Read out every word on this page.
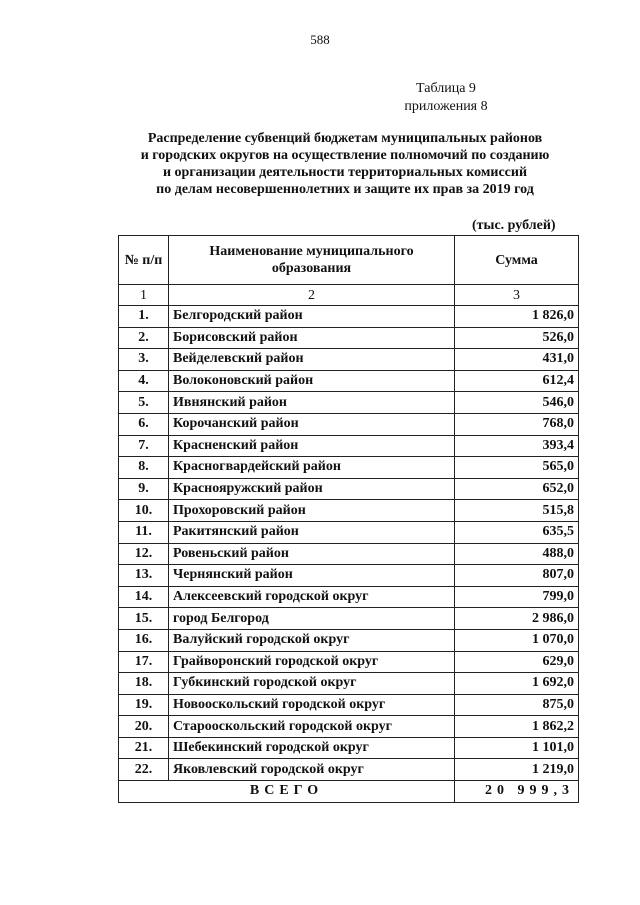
588
Таблица 9
приложения 8
Распределение субвенций бюджетам муниципальных районов
и городских округов на осуществление полномочий по созданию
и организации деятельности территориальных комиссий
по делам несовершеннолетних и защите их прав за 2019 год
(тыс. рублей)
№ п/п	Наименование муниципального образования	Сумма
1	2	3
1.	Белгородский район	1 826,0
2.	Борисовский район	526,0
3.	Вейделевский район	431,0
4.	Волоконовский район	612,4
5.	Ивнянский район	546,0
6.	Корочанский район	768,0
7.	Красненский район	393,4
8.	Красногвардейский район	565,0
9.	Краснояружский район	652,0
10.	Прохоровский район	515,8
11.	Ракитянский район	635,5
12.	Ровеньский район	488,0
13.	Чернянский район	807,0
14.	Алексеевский городской округ	799,0
15.	город Белгород	2 986,0
16.	Валуйский городской округ	1 070,0
17.	Грайворонский городской округ	629,0
18.	Губкинский городской округ	1 692,0
19.	Новооскольский городской округ	875,0
20.	Старооскольский городской округ	1 862,2
21.	Шебекинский городской округ	1 101,0
22.	Яковлевский городской округ	1 219,0
ВСЕГО		20 999,3
